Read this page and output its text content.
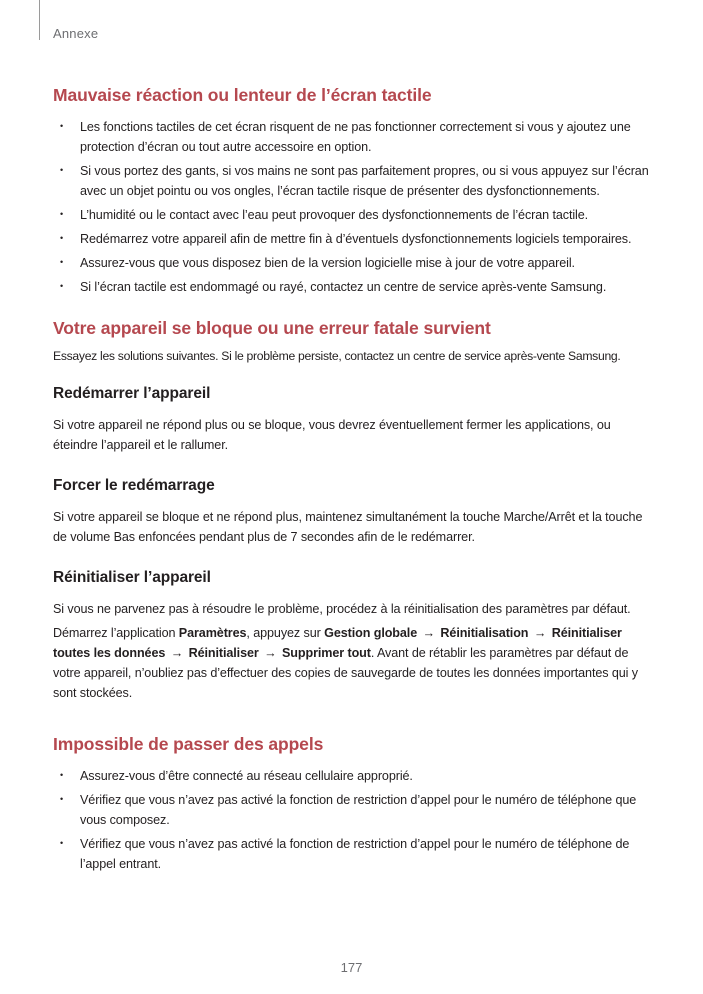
Annexe
Mauvaise réaction ou lenteur de l’écran tactile
• Les fonctions tactiles de cet écran risquent de ne pas fonctionner correctement si vous y ajoutez une protection d’écran ou tout autre accessoire en option.
• Si vous portez des gants, si vos mains ne sont pas parfaitement propres, ou si vous appuyez sur l’écran avec un objet pointu ou vos ongles, l’écran tactile risque de présenter des dysfonctionnements.
• L’humidité ou le contact avec l’eau peut provoquer des dysfonctionnements de l’écran tactile.
• Redémarrez votre appareil afin de mettre fin à d’éventuels dysfonctionnements logiciels temporaires.
• Assurez-vous que vous disposez bien de la version logicielle mise à jour de votre appareil.
• Si l’écran tactile est endommagé ou rayé, contactez un centre de service après-vente Samsung.
Votre appareil se bloque ou une erreur fatale survient

Essayez les solutions suivantes. Si le problème persiste, contactez un centre de service après-vente Samsung.

Redémarrer l’appareil

Si votre appareil ne répond plus ou se bloque, vous devrez éventuellement fermer les applications, ou éteindre l’appareil et le rallumer.

Forcer le redémarrage

Si votre appareil se bloque et ne répond plus, maintenez simultanément la touche Marche/Arrêt et la touche de volume Bas enfoncées pendant plus de 7 secondes afin de le redémarrer.

Réinitialiser l’appareil

Si vous ne parvenez pas à résoudre le problème, procédez à la réinitialisation des paramètres par défaut.

Démarrez l’application Paramètres, appuyez sur Gestion globale → Réinitialisation → Réinitialiser toutes les données → Réinitialiser → Supprimer tout. Avant de rétablir les paramètres par défaut de votre appareil, n’oubliez pas d’effectuer des copies de sauvegarde de toutes les données importantes qui y sont stockées.

Impossible de passer des appels
• Assurez-vous d’être connecté au réseau cellulaire approprié.
• Vérifiez que vous n’avez pas activé la fonction de restriction d’appel pour le numéro de téléphone que vous composez.
• Vérifiez que vous n’avez pas activé la fonction de restriction d’appel pour le numéro de téléphone de l’appel entrant.
177
